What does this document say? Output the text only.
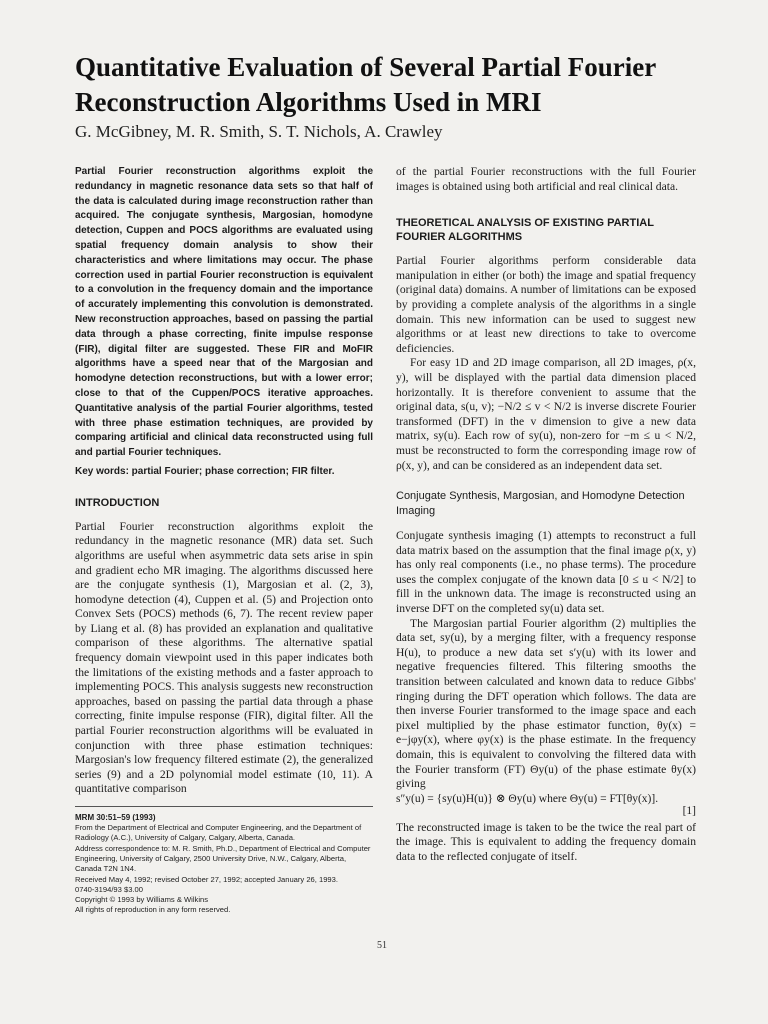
Quantitative Evaluation of Several Partial Fourier Reconstruction Algorithms Used in MRI
G. McGibney, M. R. Smith, S. T. Nichols, A. Crawley

Partial Fourier reconstruction algorithms exploit the redundancy in magnetic resonance data sets so that half of the data is calculated during image reconstruction rather than acquired. The conjugate synthesis, Margosian, homodyne detection, Cuppen and POCS algorithms are evaluated using spatial frequency domain analysis to show their characteristics and where limitations may occur. The phase correction used in partial Fourier reconstruction is equivalent to a convolution in the frequency domain and the importance of accurately implementing this convolution is demonstrated. New reconstruction approaches, based on passing the partial data through a phase correcting, finite impulse response (FIR), digital filter are suggested. These FIR and MoFIR algorithms have a speed near that of the Margosian and homodyne detection reconstructions, but with a lower error; close to that of the Cuppen/POCS iterative approaches. Quantitative analysis of the partial Fourier algorithms, tested with three phase estimation techniques, are provided by comparing artificial and clinical data reconstructed using full and partial Fourier techniques.

Key words: partial Fourier; phase correction; FIR filter.

INTRODUCTION

Partial Fourier reconstruction algorithms exploit the redundancy in the magnetic resonance (MR) data set. Such algorithms are useful when asymmetric data sets arise in spin and gradient echo MR imaging. The algorithms discussed here are the conjugate synthesis (1), Margosian et al. (2, 3), homodyne detection (4), Cuppen et al. (5) and Projection onto Convex Sets (POCS) methods (6, 7). The recent review paper by Liang et al. (8) has provided an explanation and qualitative comparison of these algorithms. The alternative spatial frequency domain viewpoint used in this paper indicates both the limitations of the existing methods and a faster approach to implementing POCS. This analysis suggests new reconstruction approaches, based on passing the partial data through a phase correcting, finite impulse response (FIR), digital filter. All the partial Fourier reconstruction algorithms will be evaluated in conjunction with three phase estimation techniques: Margosian's low frequency filtered estimate (2), the generalized series (9) and a 2D polynomial model estimate (10, 11). A quantitative comparison

MRM 30:51–59 (1993)

From the Department of Electrical and Computer Engineering, and the Department of Radiology (A.C.), University of Calgary, Calgary, Alberta, Canada.

Address correspondence to: M. R. Smith, Ph.D., Department of Electrical and Computer Engineering, University of Calgary, 2500 University Drive, N.W., Calgary, Alberta, Canada T2N 1N4.

Received May 4, 1992; revised October 27, 1992; accepted January 26, 1993.

0740-3194/93 $3.00

Copyright © 1993 by Williams & Wilkins

All rights of reproduction in any form reserved.

of the partial Fourier reconstructions with the full Fourier images is obtained using both artificial and real clinical data.

THEORETICAL ANALYSIS OF EXISTING PARTIAL FOURIER ALGORITHMS

Partial Fourier algorithms perform considerable data manipulation in either (or both) the image and spatial frequency (original data) domains. A number of limitations can be exposed by providing a complete analysis of the algorithms in a single domain. This new information can be used to suggest new algorithms or at least new directions to take to overcome deficiencies.

For easy 1D and 2D image comparison, all 2D images, ρ(x, y), will be displayed with the partial data dimension placed horizontally. It is therefore convenient to assume that the original data, s(u, v); −N/2 ≤ v < N/2 is inverse discrete Fourier transformed (DFT) in the v dimension to give a new data matrix, sy(u). Each row of sy(u), non-zero for −m ≤ u < N/2, must be reconstructed to form the corresponding image row of ρ(x, y), and can be considered as an independent data set.

Conjugate Synthesis, Margosian, and Homodyne Detection Imaging

Conjugate synthesis imaging (1) attempts to reconstruct a full data matrix based on the assumption that the final image ρ(x, y) has only real components (i.e., no phase terms). The procedure uses the complex conjugate of the known data [0 ≤ u < N/2] to fill in the unknown data. The image is reconstructed using an inverse DFT on the completed sy(u) data set.

The Margosian partial Fourier algorithm (2) multiplies the data set, sy(u), by a merging filter, with a frequency response H(u), to produce a new data set s′y(u) with its lower and negative frequencies filtered. This filtering smooths the transition between calculated and known data to reduce Gibbs' ringing during the DFT operation which follows. The data are then inverse Fourier transformed to the image space and each pixel multiplied by the phase estimator function, θy(x) = e−jφy(x), where φy(x) is the phase estimate. In the frequency domain, this is equivalent to convolving the filtered data with the Fourier transform (FT) Θy(u) of the phase estimate θy(x) giving

s″y(u) = {sy(u)H(u)} ⊗ Θy(u) where Θy(u) = FT[θy(x)].
[1]

The reconstructed image is taken to be the twice the real part of the image. This is equivalent to adding the frequency domain data to the reflected conjugate of itself.

51
